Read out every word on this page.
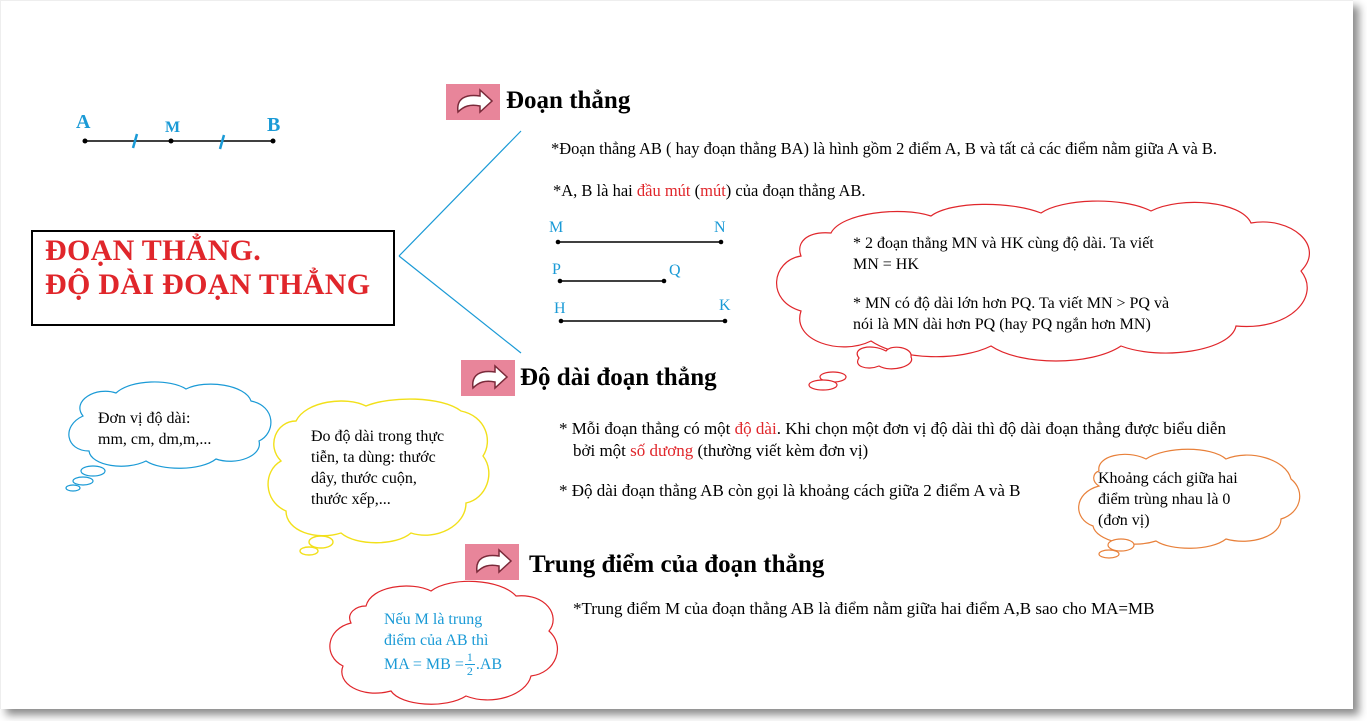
ĐOẠN THẲNG.
ĐỘ DÀI ĐOẠN THẲNG
A	M	B
Đoạn thẳng
*Đoạn thẳng AB ( hay đoạn thẳng BA) là hình gồm 2 điểm A, B và tất cả các điểm nằm giữa A và B.
*A, B là hai đầu mút (mút) của đoạn thẳng AB.
M	N
P	Q
H	K
* 2 đoạn thẳng MN và HK cùng độ dài. Ta viết
MN = HK
* MN có độ dài lớn hơn PQ. Ta viết MN > PQ và
nói là MN dài hơn PQ (hay PQ ngắn hơn MN)
Độ dài đoạn thẳng
* Mỗi đoạn thẳng có một độ dài. Khi chọn một đơn vị độ dài thì độ dài đoạn thẳng được biểu diễn
bởi một số dương (thường viết kèm đơn vị)
* Độ dài đoạn thẳng AB còn gọi là khoảng cách giữa 2 điểm A và B
Đơn vị độ dài:
mm, cm, dm,m,...	Đo độ dài trong thực
tiễn, ta dùng: thước
dây, thước cuộn,
thước xếp,...
Khoảng cách giữa hai
điểm trùng nhau là 0
(đơn vị)
Trung điểm của đoạn thẳng
*Trung điểm M của đoạn thẳng AB là điểm nằm giữa hai điểm A,B sao cho MA=MB
Nếu M là trung
điểm của AB thì
MA = MB = $\frac{1}{2} .AB$
